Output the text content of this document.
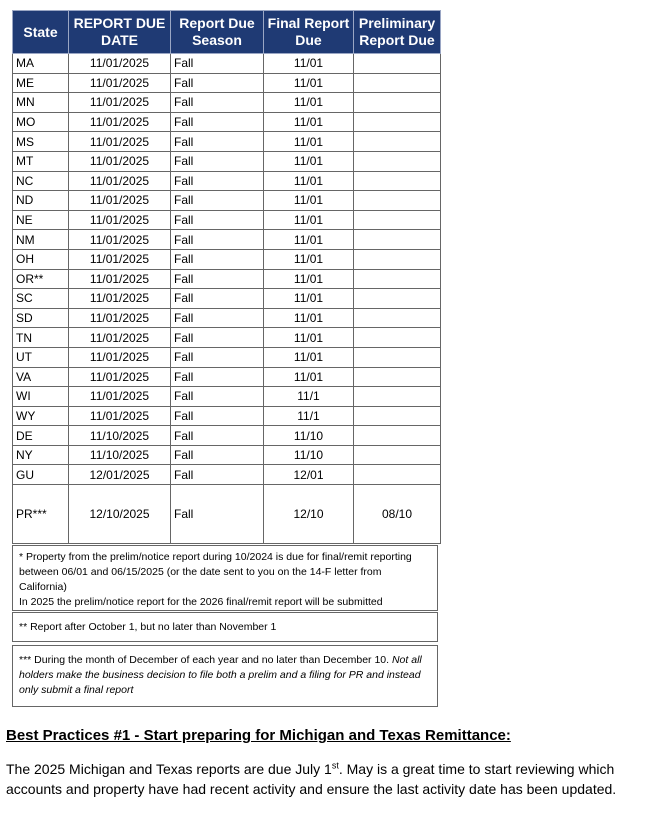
State	REPORT DUE DATE	Report Due Season	Final Report Due	Preliminary Report Due
MA	11/01/2025	Fall	11/01	
ME	11/01/2025	Fall	11/01	
MN	11/01/2025	Fall	11/01	
MO	11/01/2025	Fall	11/01	
MS	11/01/2025	Fall	11/01	
MT	11/01/2025	Fall	11/01	
NC	11/01/2025	Fall	11/01	
ND	11/01/2025	Fall	11/01	
NE	11/01/2025	Fall	11/01	
NM	11/01/2025	Fall	11/01	
OH	11/01/2025	Fall	11/01	
OR**	11/01/2025	Fall	11/01	
SC	11/01/2025	Fall	11/01	
SD	11/01/2025	Fall	11/01	
TN	11/01/2025	Fall	11/01	
UT	11/01/2025	Fall	11/01	
VA	11/01/2025	Fall	11/01	
WI	11/01/2025	Fall	11/1	
WY	11/01/2025	Fall	11/1	
DE	11/10/2025	Fall	11/10	
NY	11/10/2025	Fall	11/10	
GU	12/01/2025	Fall	12/01	
PR***	12/10/2025	Fall	12/10	08/10

* Property from the prelim/notice report during 10/2024 is due for final/remit reporting between 06/01 and 06/15/2025 (or the date sent to you on the 14-F letter from California)

In 2025 the prelim/notice report for the 2026 final/remit report will be submitted

** Report after October 1, but no later than November 1

*** During the month of December of each year and no later than December 10. Not all holders make the business decision to file both a prelim and a filing for PR and instead only submit a final report

Best Practices #1 - Start preparing for Michigan and Texas Remittance:
The 2025 Michigan and Texas reports are due July 1st. May is a great time to start reviewing which accounts and property have had recent activity and ensure the last activity date has been updated.
